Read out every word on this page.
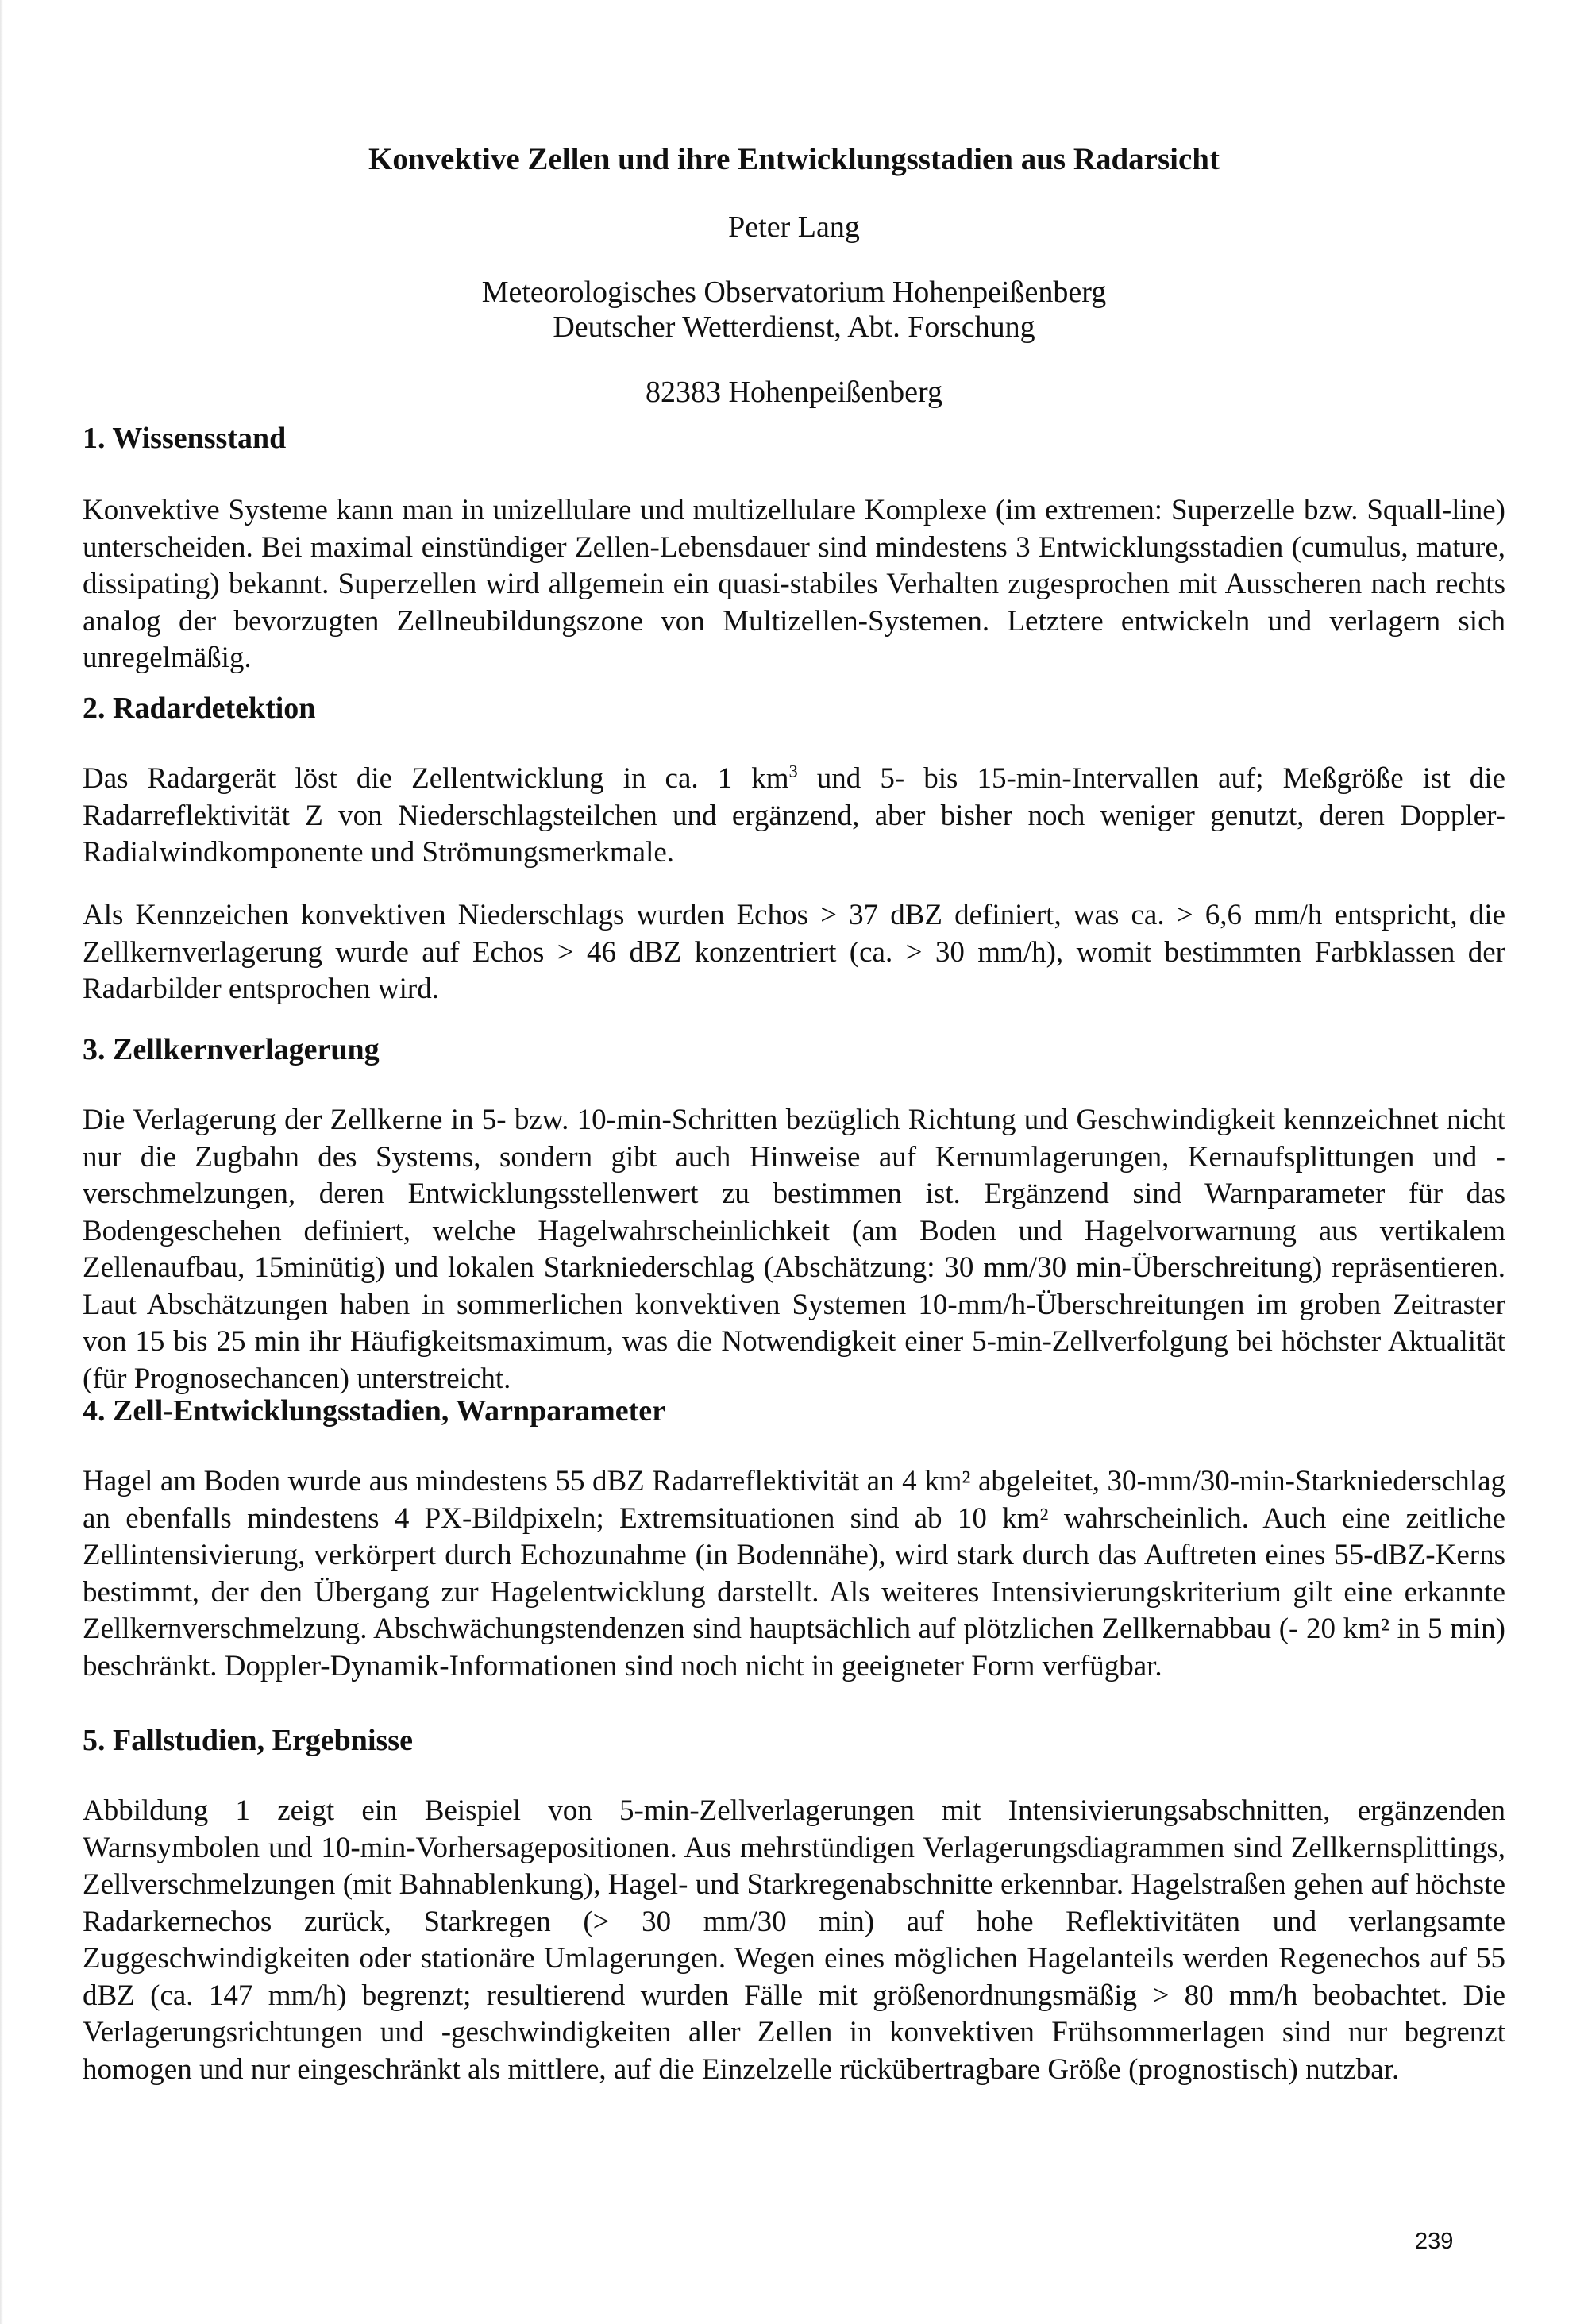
Konvektive Zellen und ihre Entwicklungsstadien aus Radarsicht
Peter Lang
Meteorologisches Observatorium Hohenpeißenberg
Deutscher Wetterdienst, Abt. Forschung
82383 Hohenpeißenberg
1. Wissensstand

Konvektive Systeme kann man in unizellulare und multizellulare Komplexe (im extremen: Superzelle bzw. Squall-line) unterscheiden. Bei maximal einstündiger Zellen-Lebensdauer sind mindestens 3 Entwicklungsstadien (cumulus, mature, dissipating) bekannt. Superzellen wird allgemein ein quasi-stabiles Verhalten zugesprochen mit Ausscheren nach rechts analog der bevorzugten Zellneubildungszone von Multizellen-Systemen. Letztere entwickeln und verlagern sich unregelmäßig.

2. Radardetektion

Das Radargerät löst die Zellentwicklung in ca. 1 $km^3$ und 5- bis 15-min-Intervallen auf; Meßgröße ist die Radarreflektivität Z von Niederschlagsteilchen und ergänzend, aber bisher noch weniger genutzt, deren Doppler-Radialwindkomponente und Strömungsmerkmale.

Als Kennzeichen konvektiven Niederschlags wurden Echos > 37 dBZ definiert, was ca. > 6,6 mm/h entspricht, die Zellkernverlagerung wurde auf Echos > 46 dBZ konzentriert (ca. > 30 mm/h), womit bestimmten Farbklassen der Radarbilder entsprochen wird.

3. Zellkernverlagerung

Die Verlagerung der Zellkerne in 5- bzw. 10-min-Schritten bezüglich Richtung und Geschwindigkeit kennzeichnet nicht nur die Zugbahn des Systems, sondern gibt auch Hinweise auf Kernumlagerungen, Kernaufsplittungen und -verschmelzungen, deren Entwicklungsstellenwert zu bestimmen ist. Ergänzend sind Warnparameter für das Bodengeschehen definiert, welche Hagelwahrscheinlichkeit (am Boden und Hagelvorwarnung aus vertikalem Zellenaufbau, 15minütig) und lokalen Starkniederschlag (Abschätzung: 30 mm/30 min-Überschreitung) repräsentieren. Laut Abschätzungen haben in sommerlichen konvektiven Systemen 10-mm/h-Überschreitungen im groben Zeitraster von 15 bis 25 min ihr Häufigkeitsmaximum, was die Notwendigkeit einer 5-min-Zellverfolgung bei höchster Aktualität (für Prognosechancen) unterstreicht.

4. Zell-Entwicklungsstadien, Warnparameter

Hagel am Boden wurde aus mindestens 55 dBZ Radarreflektivität an 4 km² abgeleitet, 30-mm/30-min-Starkniederschlag an ebenfalls mindestens 4 PX-Bildpixeln; Extremsituationen sind ab 10 km² wahrscheinlich. Auch eine zeitliche Zellintensivierung, verkörpert durch Echozunahme (in Bodennähe), wird stark durch das Auftreten eines 55-dBZ-Kerns bestimmt, der den Übergang zur Hagelentwicklung darstellt. Als weiteres Intensivierungskriterium gilt eine erkannte Zellkernverschmelzung. Abschwächungstendenzen sind hauptsächlich auf plötzlichen Zellkernabbau (- 20 km² in 5 min) beschränkt. Doppler-Dynamik-Informationen sind noch nicht in geeigneter Form verfügbar.

5. Fallstudien, Ergebnisse

Abbildung 1 zeigt ein Beispiel von 5-min-Zellverlagerungen mit Intensivierungsabschnitten, ergänzenden Warnsymbolen und 10-min-Vorhersagepositionen. Aus mehrstündigen Verlagerungsdiagrammen sind Zellkernsplittings, Zellverschmelzungen (mit Bahnablenkung), Hagel- und Starkregenabschnitte erkennbar. Hagelstraßen gehen auf höchste Radarkernechos zurück, Starkregen (> 30 mm/30 min) auf hohe Reflektivitäten und verlangsamte Zuggeschwindigkeiten oder stationäre Umlagerungen. Wegen eines möglichen Hagelanteils werden Regenechos auf 55 dBZ (ca. 147 mm/h) begrenzt; resultierend wurden Fälle mit größenordnungsmäßig > 80 mm/h beobachtet. Die Verlagerungsrichtungen und -geschwindigkeiten aller Zellen in konvektiven Frühsommerlagen sind nur begrenzt homogen und nur eingeschränkt als mittlere, auf die Einzelzelle rückübertragbare Größe (prognostisch) nutzbar.

239
